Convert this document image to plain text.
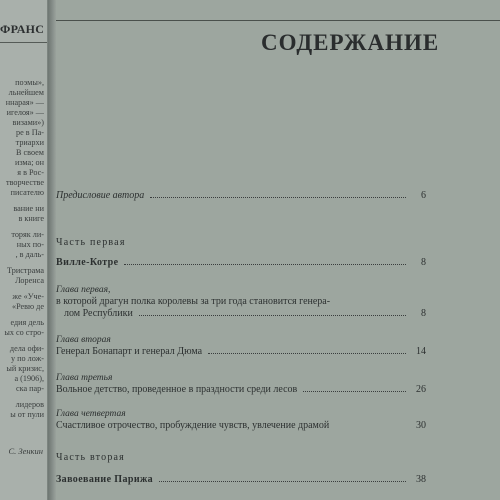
ФРАНС
поэмы»,
льнейшем
ннарая» —
игелоя» —
визами»)
ре в Па-
триархи
В своем
изма; он
я в Рос-
творчестве
писателю
вание ни
в книге
торяк ли-
ных по-
, в даль-
Тристрама
Лоренса
же «Уче-
«Ревю де
едия дель
ых со стро-
дела офи-
у по лож-
ый кризис,
а (1906),
ска пар-
лидеров
ы от пули
С. Зенкин
СОДЕРЖАНИЕ
Предисловие автора	6
Часть первая
Вилле-Котре	8
Глава первая,
в которой драгун полка королевы за три года становится генера-
лом Республики	8
Глава вторая
Генерал Бонапарт и генерал Дюма	14
Глава третья
Вольное детство, проведенное в праздности среди лесов	26
Глава четвертая
Счастливое отрочество, пробуждение чувств, увлечение драмой	30
Часть вторая
Завоевание Парижа	38
